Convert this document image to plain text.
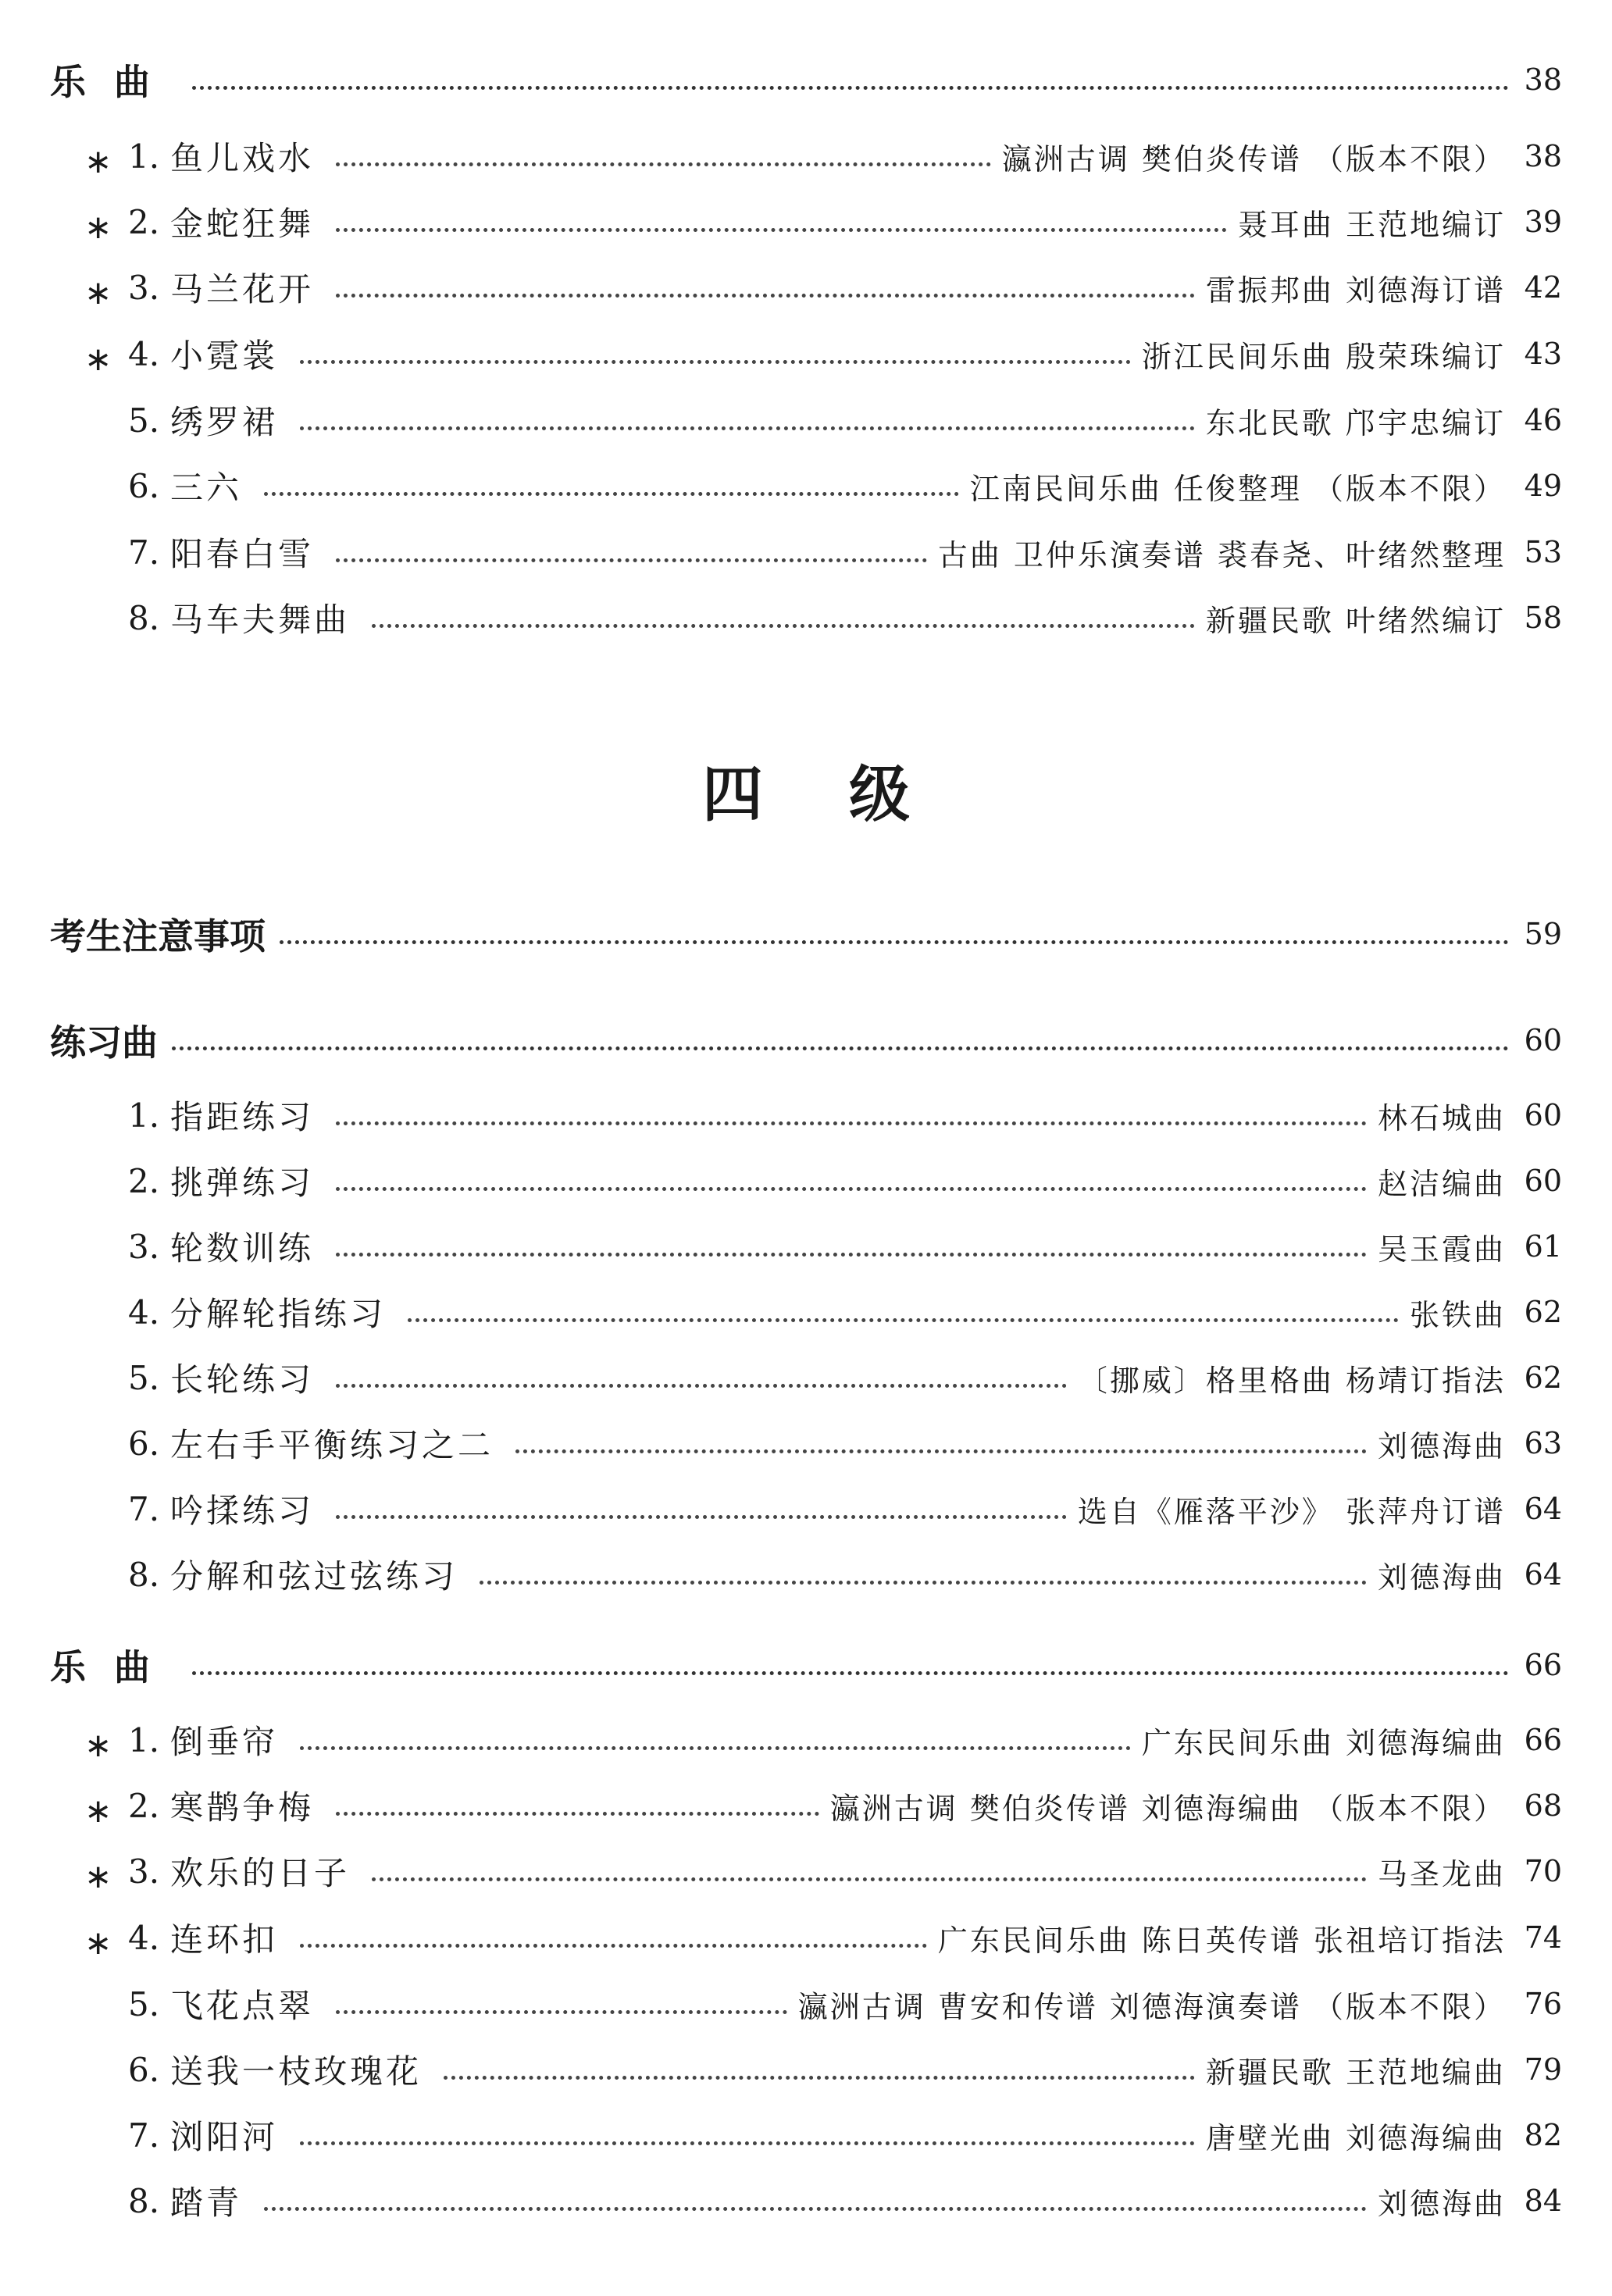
乐曲	38
∗ 1. 鱼儿戏水	瀛洲古调 樊伯炎传谱 （版本不限） 38
∗ 2. 金蛇狂舞	聂耳曲 王范地编订 39
∗ 3. 马兰花开	雷振邦曲 刘德海订谱 42
∗ 4. 小霓裳	浙江民间乐曲 殷荣珠编订 43
5. 绣罗裙	东北民歌 邝宇忠编订 46
6. 三六	江南民间乐曲 任俊整理 （版本不限） 49
7. 阳春白雪	古曲 卫仲乐演奏谱 裘春尧、叶绪然整理 53
8. 马车夫舞曲	新疆民歌 叶绪然编订 58
考生注意事项	59
练习曲	60
1. 指距练习	林石城曲 60
2. 挑弹练习	赵洁编曲 60
3. 轮数训练	吴玉霞曲 61
4. 分解轮指练习	张铁曲 62
5. 长轮练习	〔挪威〕格里格曲 杨靖订指法 62
6. 左右手平衡练习之二	刘德海曲 63
7. 吟揉练习	选自《雁落平沙》 张萍舟订谱 64
8. 分解和弦过弦练习	刘德海曲 64
乐曲	66
∗ 1. 倒垂帘	广东民间乐曲 刘德海编曲 66
∗ 2. 寒鹊争梅	瀛洲古调 樊伯炎传谱 刘德海编曲 （版本不限） 68
∗ 3. 欢乐的日子	马圣龙曲 70
∗ 4. 连环扣	广东民间乐曲 陈日英传谱 张祖培订指法 74
5. 飞花点翠	瀛洲古调 曹安和传谱 刘德海演奏谱 （版本不限） 76
6. 送我一枝玫瑰花	新疆民歌 王范地编曲 79
7. 浏阳河	唐壁光曲 刘德海编曲 82
8. 踏青	刘德海曲 84
四级
